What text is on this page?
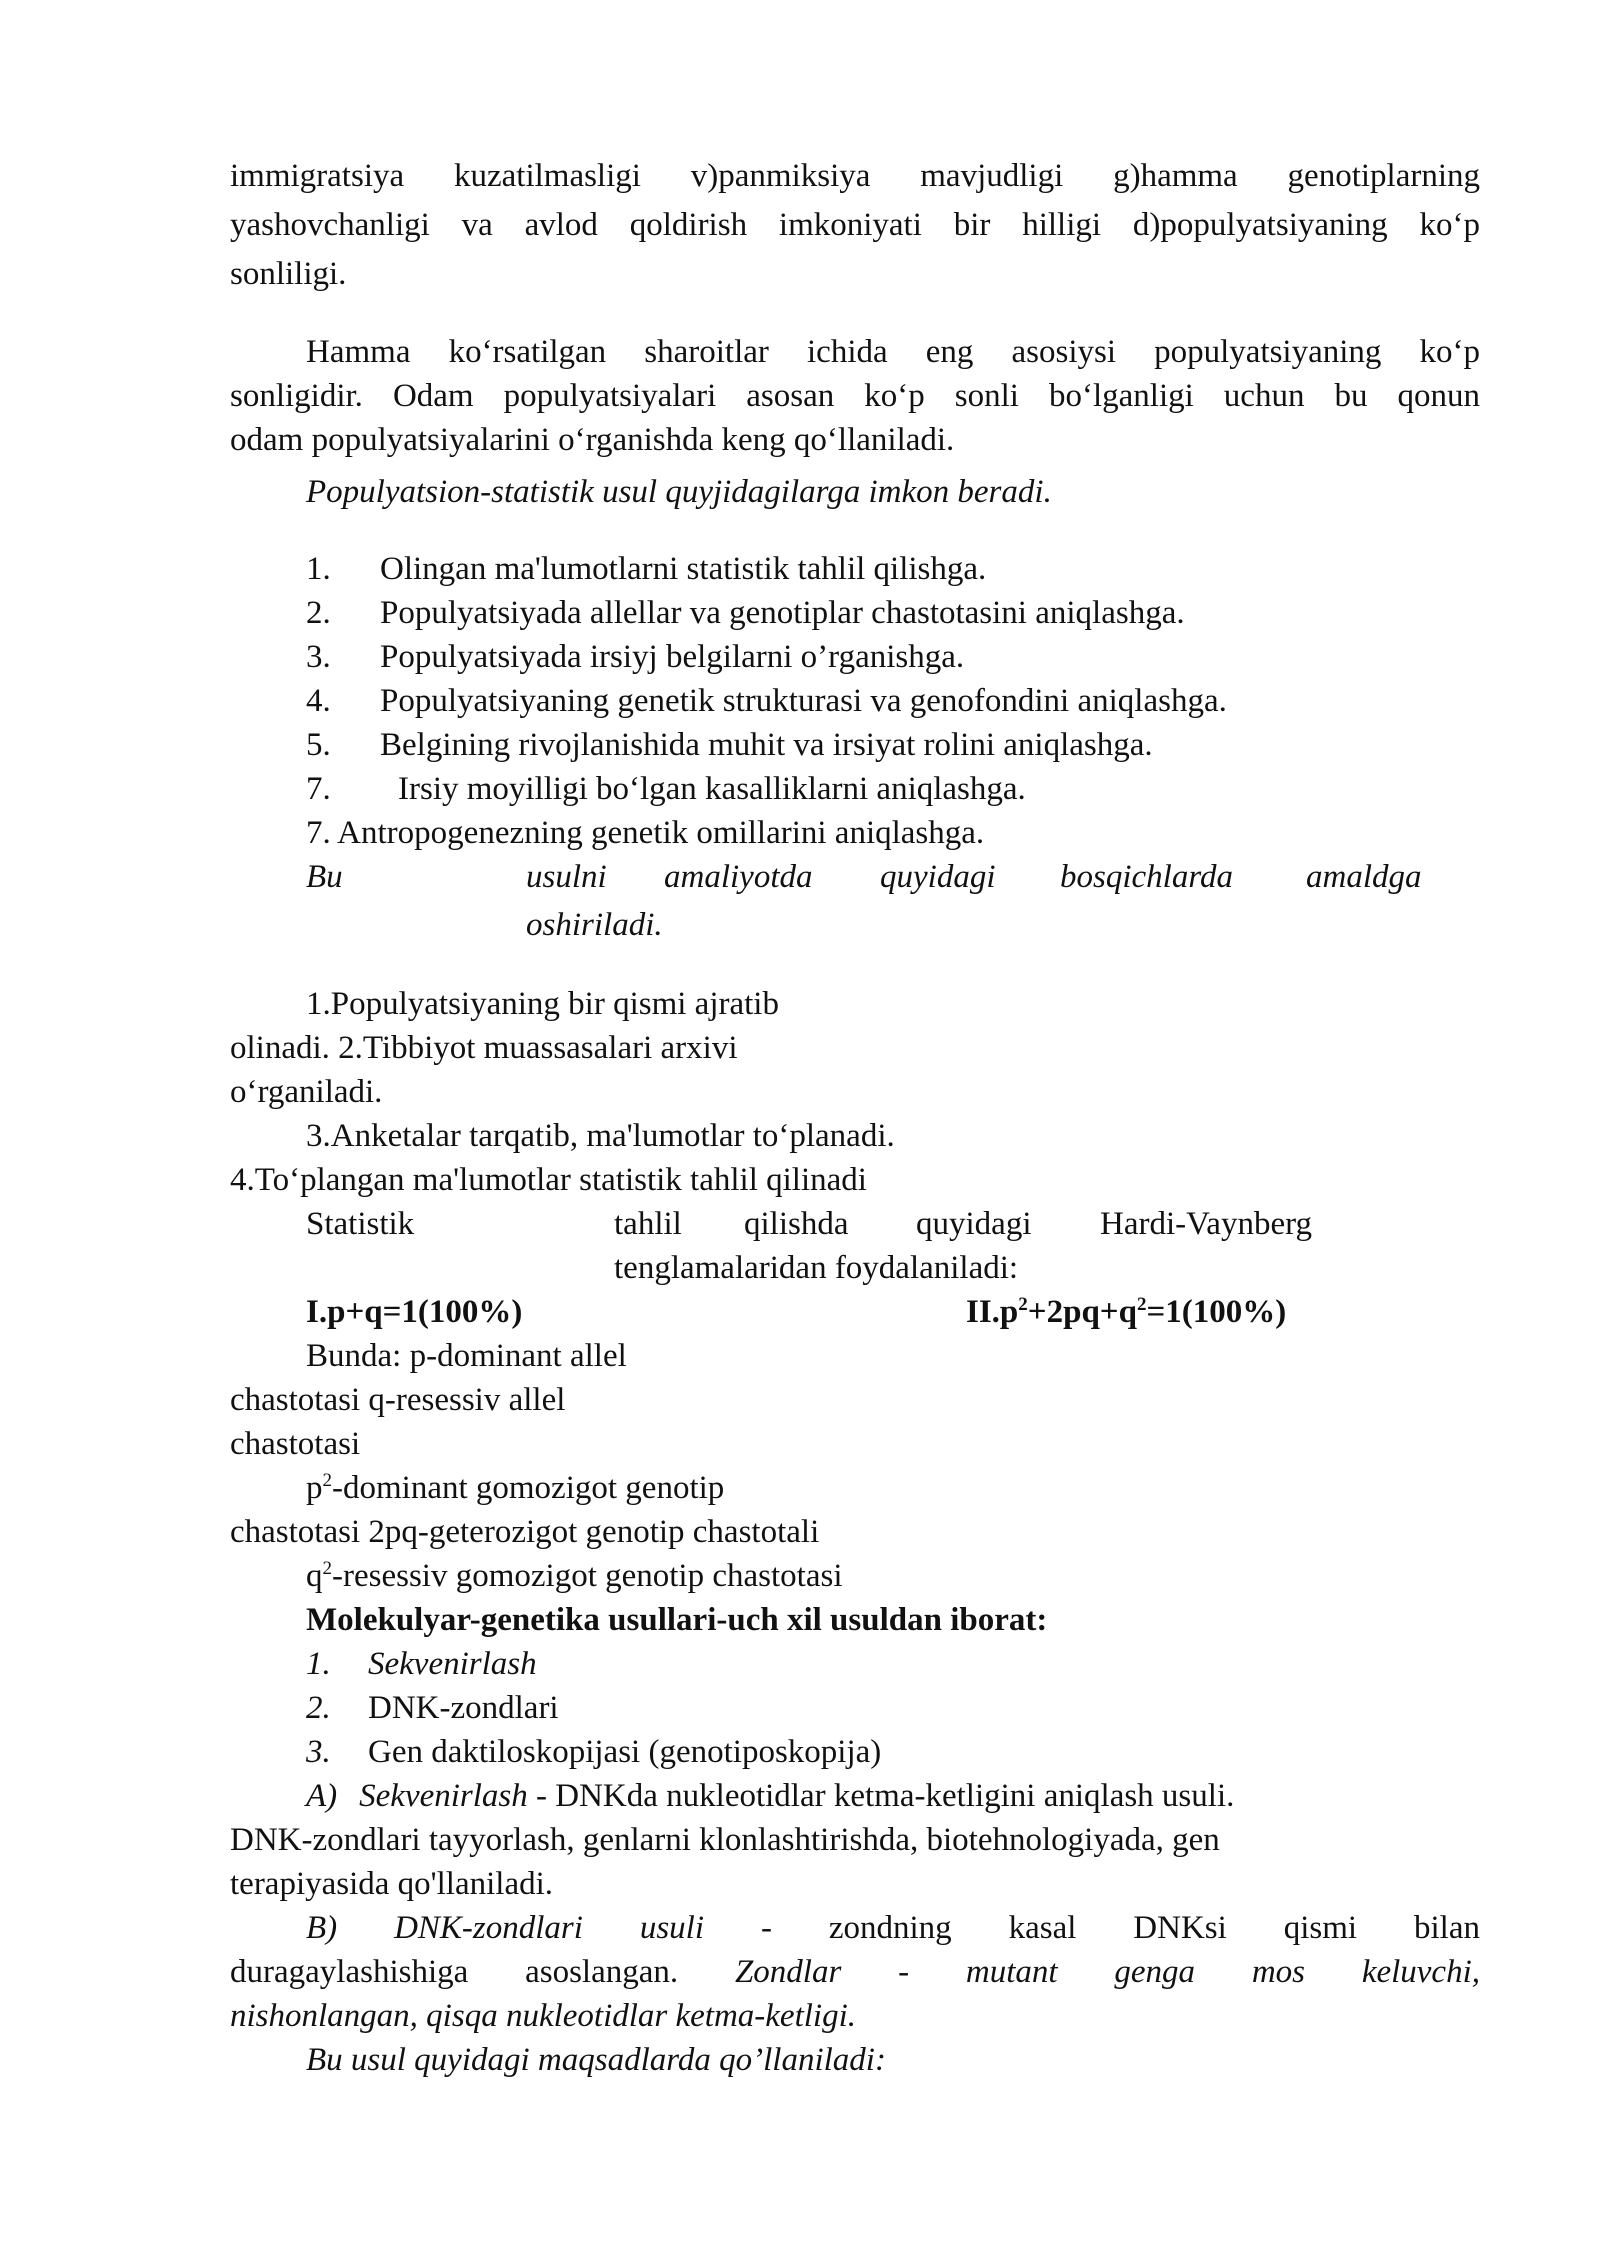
immigratsiya kuzatilmasligi v)panmiksiya mavjudligi g)hamma genotiplarning
yashovchanligi va avlod qoldirish imkoniyati bir hilligi d)populyatsiyaning ko‘p
sonliligi.
Hamma ko‘rsatilgan sharoitlar ichida eng asosiysi populyatsiyaning ko‘p
sonligidir. Odam populyatsiyalari asosan ko‘p sonli bo‘lganligi uchun bu qonun
odam populyatsiyalarini o‘rganishda keng qo‘llaniladi.
Populyatsion-statistik usul quyjidagilarga imkon beradi.
1. Olingan ma'lumotlarni statistik tahlil qilishga.
2. Populyatsiyada allellar va genotiplar chastotasini aniqlashga.
3. Populyatsiyada irsiyj belgilarni o’rganishga.
4. Populyatsiyaning genetik strukturasi va genofondini aniqlashga.
5. Belgining rivojlanishida muhit va irsiyat rolini aniqlashga.
7. Irsiy moyilligi bo‘lgan kasalliklarni aniqlashga.
7. Antropogenezning genetik omillarini aniqlashga.
Bu	usulni amaliyotda quyidagi bosqichlarda amaldga
oshiriladi.
1.Populyatsiyaning bir qismi ajratib
olinadi. 2.Tibbiyot muassasalari arxivi
o‘rganiladi.
3.Anketalar tarqatib, ma'lumotlar to‘planadi.
4.To‘plangan ma'lumotlar statistik tahlil qilinadi
Statistik	tahlil qilishda quyidagi Hardi-Vaynberg
tenglamalaridan foydalaniladi:
I.p+q=1(100%)	$II.p^2+2pq+q^2=1(100\%)$
Bunda: p-dominant allel
chastotasi q-resessiv allel
chastotasi
$p^2$-dominant gomozigot genotip
chastotasi 2pq-geterozigot genotip chastotali
$q^2$-resessiv gomozigot genotip chastotasi
Molekulyar-genetika usullari-uch xil usuldan iborat:
1. Sekvenirlash
2. DNK-zondlari
3. Gen daktiloskopijasi (genotiposkopija)
A) Sekvenirlash - DNKda nukleotidlar ketma-ketligini aniqlash usuli.
DNK-zondlari tayyorlash, genlarni klonlashtirishda, biotehnologiyada, gen
terapiyasida qo'llaniladi.
B) DNK-zondlari usuli - zondning kasal DNKsi qismi bilan
duragaylashishiga asoslangan. Zondlar - mutant genga mos keluvchi,
nishonlangan, qisqa nukleotidlar ketma-ketligi.
Bu usul quyidagi maqsadlarda qo’llaniladi:
